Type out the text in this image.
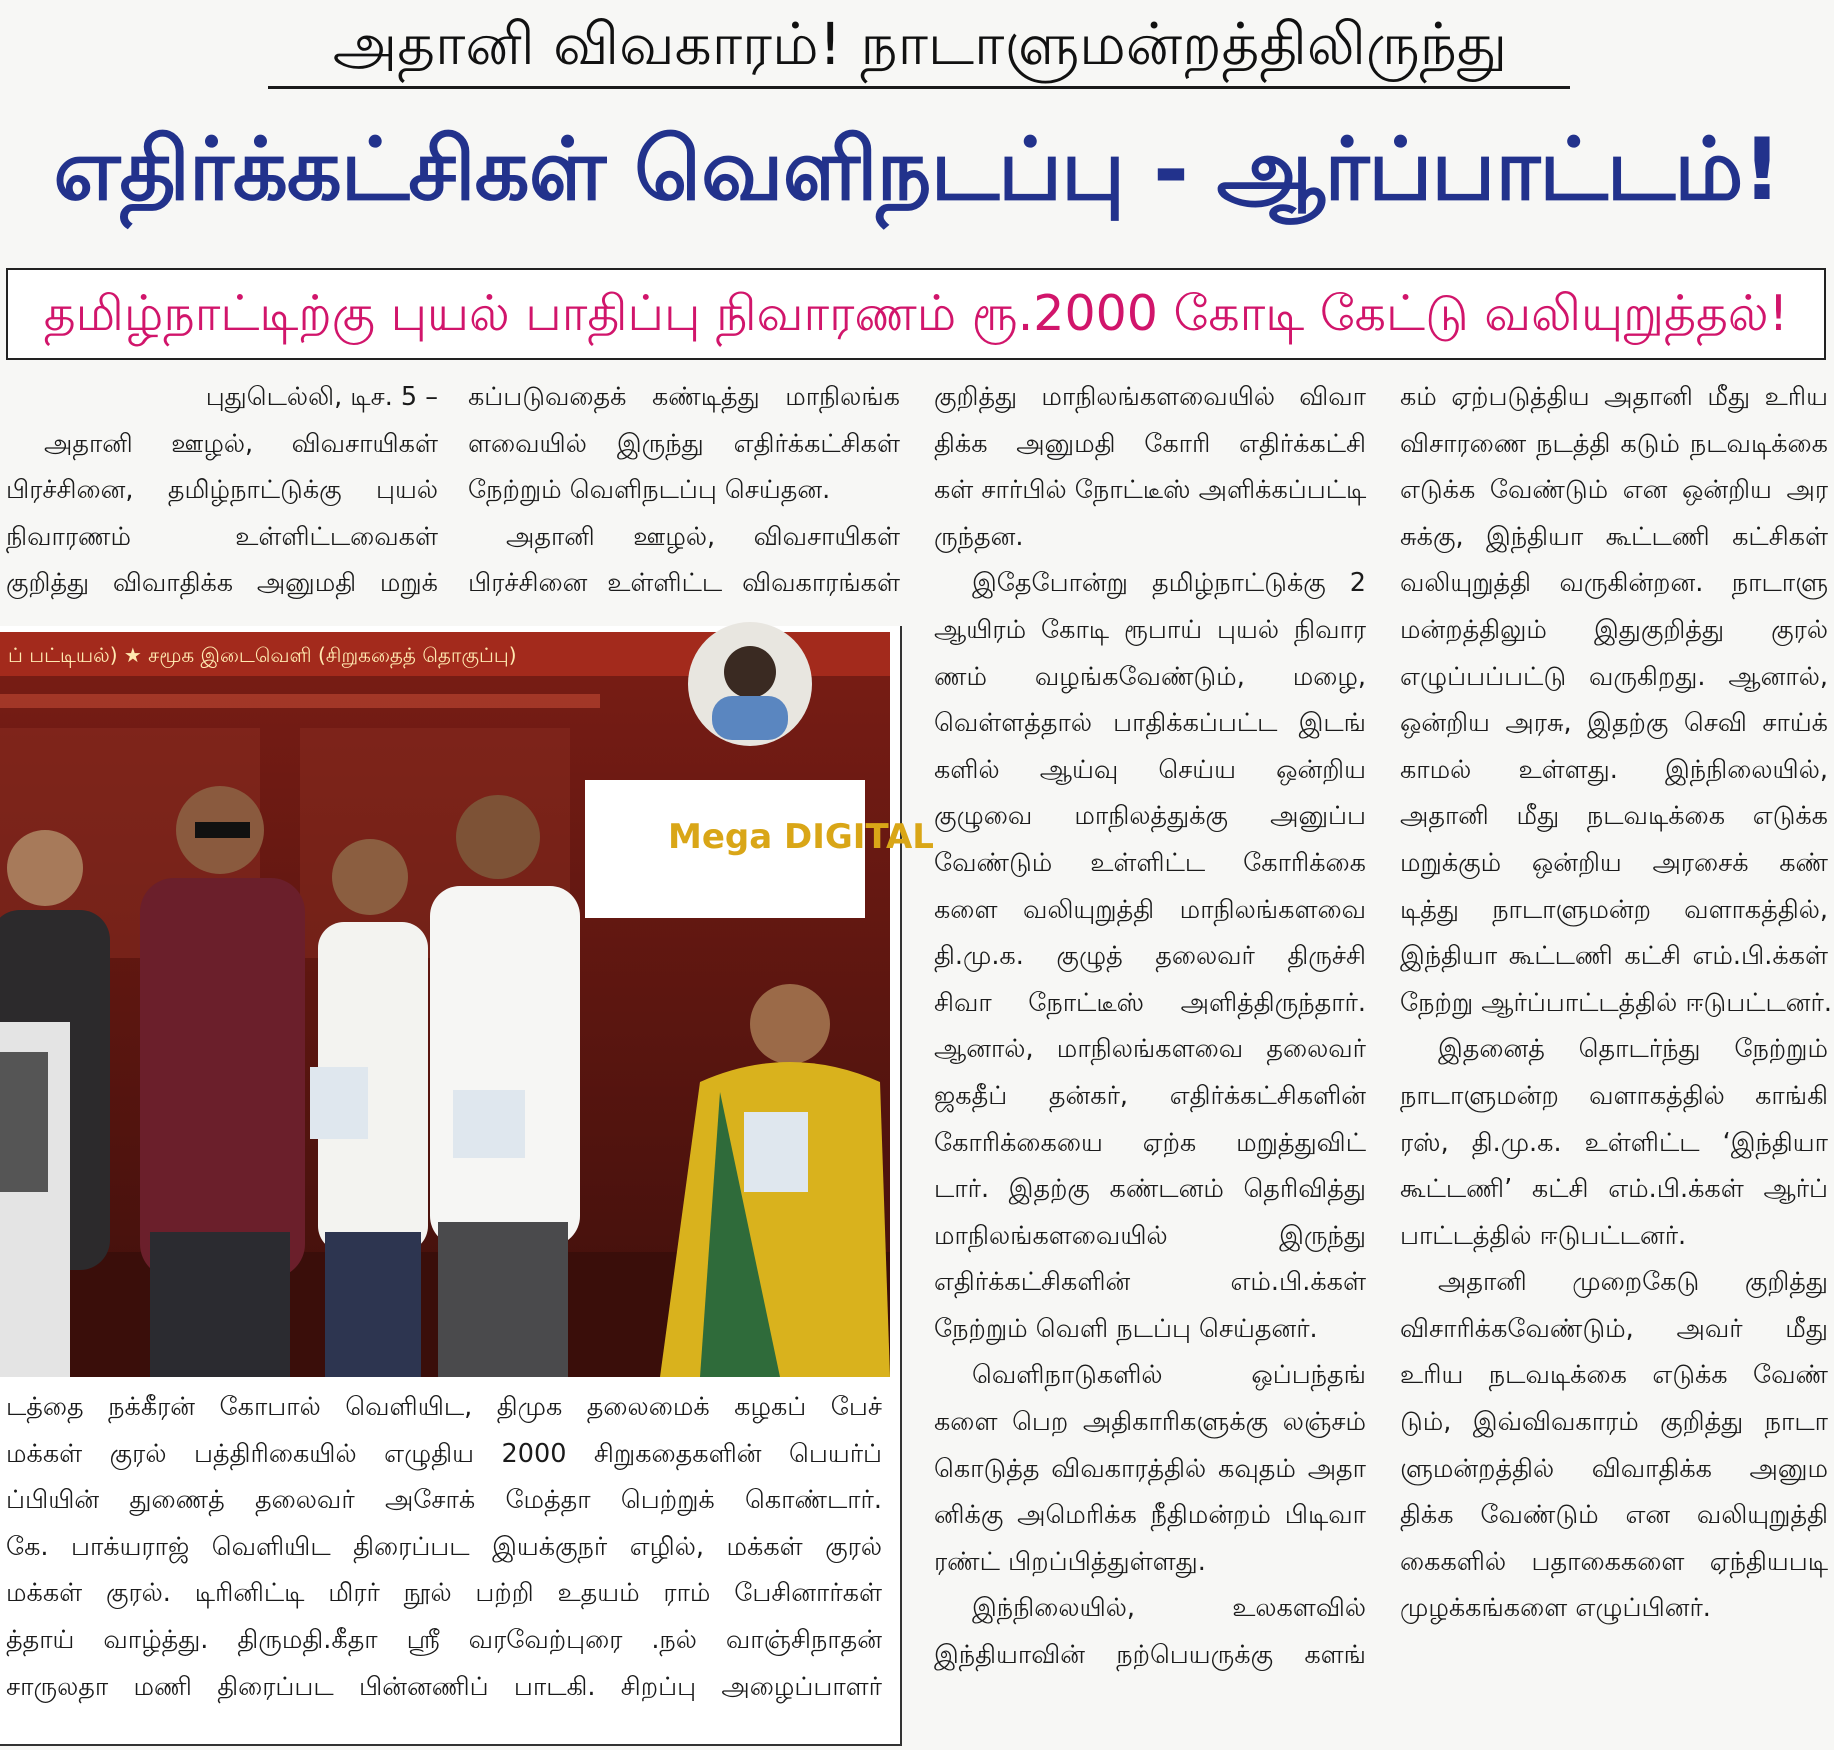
அதானி விவகாரம்! நாடாளுமன்றத்திலிருந்து
எதிர்க்கட்சிகள் வெளிநடப்பு - ஆர்ப்பாட்டம்!
தமிழ்நாட்டிற்கு புயல் பாதிப்பு நிவாரணம் ரூ.2000 கோடி கேட்டு வலியுறுத்தல்!

புதுடெல்லி, டிச. 5 –

அதானி ஊழல், விவசாயிகள்

பிரச்சினை, தமிழ்நாட்டுக்கு புயல்

நிவாரணம் உள்ளிட்டவைகள்

குறித்து விவாதிக்க அனுமதி மறுக்

கப்படுவதைக் கண்டித்து மாநிலங்க

ளவையில் இருந்து எதிர்க்கட்சிகள்

நேற்றும் வெளிநடப்பு செய்தன.

அதானி ஊழல், விவசாயிகள்

பிரச்சினை உள்ளிட்ட விவகாரங்கள்

குறித்து மாநிலங்களவையில் விவா

திக்க அனுமதி கோரி எதிர்க்கட்சி

கள் சார்பில் நோட்டீஸ் அளிக்கப்பட்டி

ருந்தன.

இதேபோன்று தமிழ்நாட்டுக்கு 2

ஆயிரம் கோடி ரூபாய் புயல் நிவார

ணம் வழங்கவேண்டும், மழை,

வெள்ளத்தால் பாதிக்கப்பட்ட இடங்

களில் ஆய்வு செய்ய ஒன்றிய

குழுவை மாநிலத்துக்கு அனுப்ப

வேண்டும் உள்ளிட்ட கோரிக்கை

களை வலியுறுத்தி மாநிலங்களவை

தி.மு.க. குழுத் தலைவர் திருச்சி

சிவா நோட்டீஸ் அளித்திருந்தார்.

ஆனால், மாநிலங்களவை தலைவர்

ஜகதீப் தன்கர், எதிர்க்கட்சிகளின்

கோரிக்கையை ஏற்க மறுத்துவிட்

டார். இதற்கு கண்டனம் தெரிவித்து

மாநிலங்களவையில் இருந்து

எதிர்க்கட்சிகளின் எம்.பி.க்கள்

நேற்றும் வெளி நடப்பு செய்தனர்.

வெளிநாடுகளில் ஒப்பந்தங்

களை பெற அதிகாரிகளுக்கு லஞ்சம்

கொடுத்த விவகாரத்தில் கவுதம் அதா

னிக்கு அமெரிக்க நீதிமன்றம் பிடிவா

ரண்ட் பிறப்பித்துள்ளது.

இந்நிலையில், உலகளவில்

இந்தியாவின் நற்பெயருக்கு களங்

கம் ஏற்படுத்திய அதானி மீது உரிய

விசாரணை நடத்தி கடும் நடவடிக்கை

எடுக்க வேண்டும் என ஒன்றிய அர

சுக்கு, இந்தியா கூட்டணி கட்சிகள்

வலியுறுத்தி வருகின்றன. நாடாளு

மன்றத்திலும் இதுகுறித்து குரல்

எழுப்பப்பட்டு வருகிறது. ஆனால்,

ஒன்றிய அரசு, இதற்கு செவி சாய்க்

காமல் உள்ளது. இந்நிலையில்,

அதானி மீது நடவடிக்கை எடுக்க

மறுக்கும் ஒன்றிய அரசைக் கண்

டித்து நாடாளுமன்ற வளாகத்தில்,

இந்தியா கூட்டணி கட்சி எம்.பி.க்கள்

நேற்று ஆர்ப்பாட்டத்தில் ஈடுபட்டனர்.

இதனைத் தொடர்ந்து நேற்றும்

நாடாளுமன்ற வளாகத்தில் காங்கி

ரஸ், தி.மு.க. உள்ளிட்ட ‘இந்தியா

கூட்டணி’ கட்சி எம்.பி.க்கள் ஆர்ப்

பாட்டத்தில் ஈடுபட்டனர்.

அதானி முறைகேடு குறித்து

விசாரிக்கவேண்டும், அவர் மீது

உரிய நடவடிக்கை எடுக்க வேண்

டும், இவ்விவகாரம் குறித்து நாடா

ளுமன்றத்தில் விவாதிக்க அனும

திக்க வேண்டும் என வலியுறுத்தி

கைகளில் பதாகைகளை ஏந்தியபடி

முழக்கங்களை எழுப்பினர்.

ப் பட்டியல்) ★ சமூக இடைவெளி (சிறுகதைத் தொகுப்பு)
Mega DIGITAL

டத்தை நக்கீரன் கோபால் வெளியிட, திமுக தலைமைக் கழகப் பேச்

மக்கள் குரல் பத்திரிகையில் எழுதிய 2000 சிறுகதைகளின் பெயர்ப்

ப்பியின் துணைத் தலைவர் அசோக் மேத்தா பெற்றுக் கொண்டார்.

கே. பாக்யராஜ் வெளியிட திரைப்பட இயக்குநர் எழில், மக்கள் குரல்

மக்கள் குரல். டிரினிட்டி மிரர் நூல் பற்றி உதயம் ராம் பேசினார்கள்

த்தாய் வாழ்த்து. திருமதி.கீதா ஸ்ரீ வரவேற்புரை .நல் வாஞ்சிநாதன்

சாருலதா மணி திரைப்பட பின்னணிப் பாடகி. சிறப்பு அழைப்பாளர்
